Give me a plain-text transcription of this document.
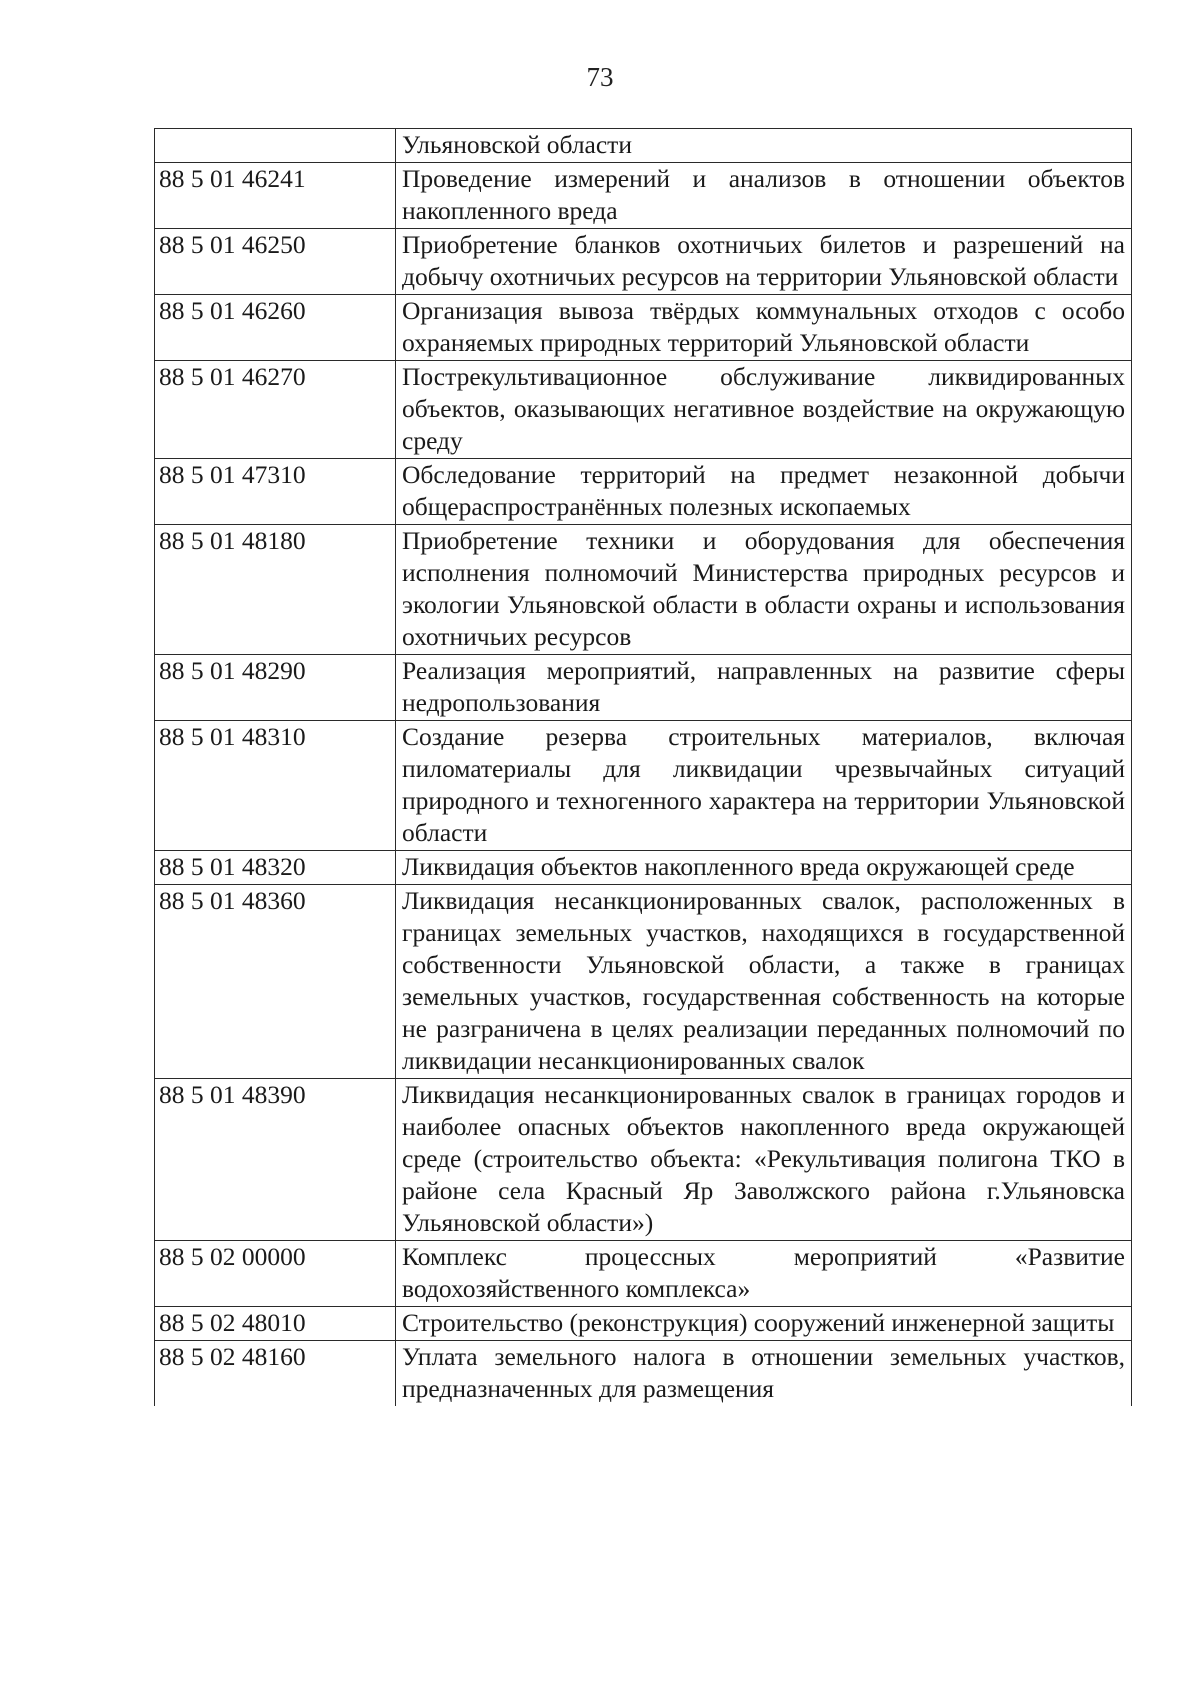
73
	Ульяновской области
88 5 01 46241	Проведение измерений и анализов в отношении объектов накопленного вреда
88 5 01 46250	Приобретение бланков охотничьих билетов и разрешений на добычу охотничьих ресурсов на территории Ульяновской области
88 5 01 46260	Организация вывоза твёрдых коммунальных отходов с особо охраняемых природных территорий Ульяновской области
88 5 01 46270	Пострекультивационное обслуживание ликвидированных объектов, оказывающих негативное воздействие на окружающую среду
88 5 01 47310	Обследование территорий на предмет незаконной добычи общераспространённых полезных ископаемых
88 5 01 48180	Приобретение техники и оборудования для обеспечения исполнения полномочий Министерства природных ресурсов и экологии Ульяновской области в области охраны и использования охотничьих ресурсов
88 5 01 48290	Реализация мероприятий, направленных на развитие сферы недропользования
88 5 01 48310	Создание резерва строительных материалов, включая пиломатериалы для ликвидации чрезвычайных ситуаций природного и техногенного характера на территории Ульяновской области
88 5 01 48320	Ликвидация объектов накопленного вреда окружающей среде
88 5 01 48360	Ликвидация несанкционированных свалок, расположенных в границах земельных участков, находящихся в государственной собственности Ульяновской области, а также в границах земельных участков, государственная собственность на которые не разграничена в целях реализации переданных полномочий по ликвидации несанкционированных свалок
88 5 01 48390	Ликвидация несанкционированных свалок в границах городов и наиболее опасных объектов накопленного вреда окружающей среде (строительство объекта: «Рекультивация полигона ТКО в районе села Красный Яр Заволжского района г.Ульяновска Ульяновской области»)
88 5 02 00000	Комплекс процессных мероприятий «Развитие водохозяйственного комплекса»
88 5 02 48010	Строительство (реконструкция) сооружений инженерной защиты
88 5 02 48160	Уплата земельного налога в отношении земельных участков, предназначенных для размещения
